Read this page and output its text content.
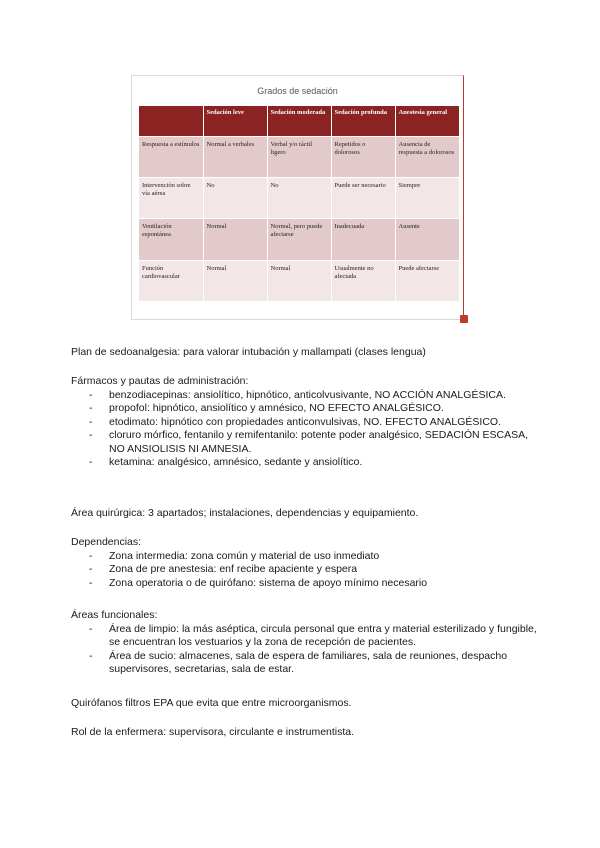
Grados de sedación
	Sedación leve	Sedación moderada	Sedación profunda	Anestesia general
Respuesta a estímulos	Normal a verbales	Verbal y/o táctil ligero	Repetidos o dolorosos	Ausencia de respuesta a dolorosos
Intervención sobre vía aérea	No	No	Puede ser necesario	Siempre
Ventilación espontánea	Normal	Normal, pero puede afectarse	Inadecuada	Ausente
Función cardiovascular	Normal	Normal	Usualmente no afectada	Puede afectarse

Plan de sedoanalgesia: para valorar intubación y mallampati (clases lengua)

Fármacos y pautas de administración:

- benzodiacepinas: ansiolítico, hipnótico, anticolvusivante, NO ACCIÓN ANALGÉSICA.
- propofol: hipnótico, ansiolítico y amnésico, NO EFECTO ANALGÉSICO.
- etodimato: hipnótico con propiedades anticonvulsivas, NO. EFECTO ANALGÉSICO.
- cloruro mórfico, fentanilo y remifentanilo: potente poder analgésico, SEDACIÓN ESCASA, NO ANSIOLISIS NI AMNESIA.
- ketamina: analgésico, amnésico, sedante y ansiolítico.

Área quirúrgica: 3 apartados; instalaciones, dependencias y equipamiento.

Dependencias:

- Zona intermedia: zona común y material de uso inmediato
- Zona de pre anestesia: enf recibe apaciente y espera
- Zona operatoria o de quirófano: sistema de apoyo mínimo necesario

Áreas funcionales:

- Área de limpio: la más aséptica, circula personal que entra y material esterilizado y fungible, se encuentran los vestuarios y la zona de recepción de pacientes.
- Área de sucio: almacenes, sala de espera de familiares, sala de reuniones, despacho supervisores, secretarias, sala de estar.

Quirófanos filtros EPA que evita que entre microorganismos.

Rol de la enfermera: supervisora, circulante e instrumentista.
